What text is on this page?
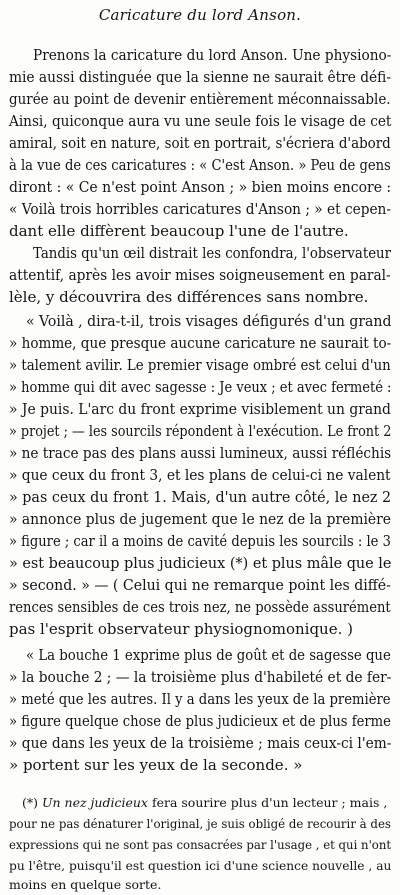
Caricature du lord Anson.
Prenons la caricature du lord Anson. Une physiono-
mie aussi distinguée que la sienne ne saurait être défi-
gurée au point de devenir entièrement méconnaissable.
Ainsi, quiconque aura vu une seule fois le visage de cet
amiral, soit en nature, soit en portrait, s'écriera d'abord
à la vue de ces caricatures : « C'est Anson. » Peu de gens
diront : « Ce n'est point Anson ; » bien moins encore :
« Voilà trois horribles caricatures d'Anson ; » et cepen-
dant elle diffèrent beaucoup l'une de l'autre.
Tandis qu'un œil distrait les confondra, l'observateur
attentif, après les avoir mises soigneusement en paral-
lèle, y découvrira des différences sans nombre.
« Voilà , dira-t-il, trois visages défigurés d'un grand
» homme, que presque aucune caricature ne saurait to-
» talement avilir. Le premier visage ombré est celui d'un
» homme qui dit avec sagesse : Je veux ; et avec fermeté :
» Je puis. L'arc du front exprime visiblement un grand
» projet ; — les sourcils répondent à l'exécution. Le front 2
» ne trace pas des plans aussi lumineux, aussi réfléchis
» que ceux du front 3, et les plans de celui-ci ne valent
» pas ceux du front 1. Mais, d'un autre côté, le nez 2
» annonce plus de jugement que le nez de la première
» figure ; car il a moins de cavité depuis les sourcils : le 3
» est beaucoup plus judicieux (*) et plus mâle que le
» second. » — ( Celui qui ne remarque point les diffé-
rences sensibles de ces trois nez, ne possède assurément
pas l'esprit observateur physiognomonique. )
« La bouche 1 exprime plus de goût et de sagesse que
» la bouche 2 ; — la troisième plus d'habileté et de fer-
» meté que les autres. Il y a dans les yeux de la première
» figure quelque chose de plus judicieux et de plus ferme
» que dans les yeux de la troisième ; mais ceux-ci l'em-
» portent sur les yeux de la seconde. »
(*) Un nez judicieux fera sourire plus d'un lecteur ; mais ,
pour ne pas dénaturer l'original, je suis obligé de recourir à des
expressions qui ne sont pas consacrées par l'usage , et qui n'ont
pu l'être, puisqu'il est question ici d'une science nouvelle , au
moins en quelque sorte.
